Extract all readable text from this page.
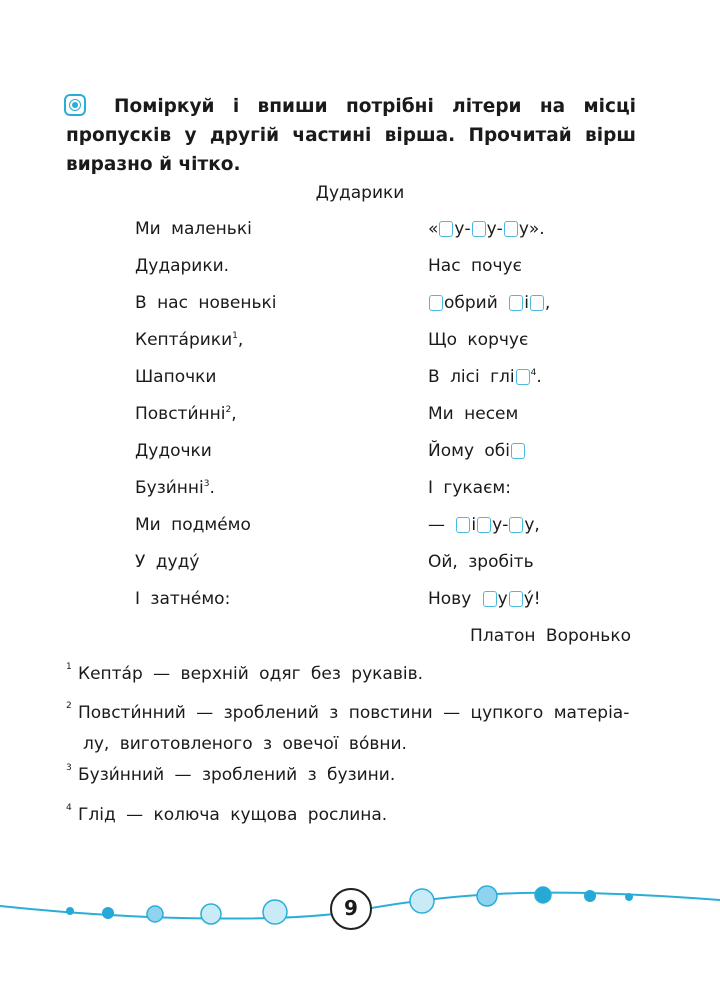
Поміркуй і впиши потрібні літери на місці пропусків у другій частині вірша. Прочитай вірш виразно й чітко.
Дударики
Ми маленькі
Дударики.
В нас новенькі
Кепта́рики$^1$,
Шапочки
Повсти́нні$^2$,
Дудочки
Бузи́нні$^3$.
Ми подме́мо
У дуду́
І затне́мо:
« у- у- у».
Нас почує
обрий і ,
Що корчує
В лісі глі $^4$.
Ми несем
Йому обі
І гукаєм:
— і у- у,
Ой, зробіть
Нову у у́!
Платон Воронько
1 Кепта́р — верхній одяг без рукавів.
2 Повсти́нний — зроблений з повстини — цупкого матеріа-
лу, виготовленого з овечої во́вни.
3 Бузи́нний — зроблений з бузини.
4 Глід — колюча кущова рослина.
9
